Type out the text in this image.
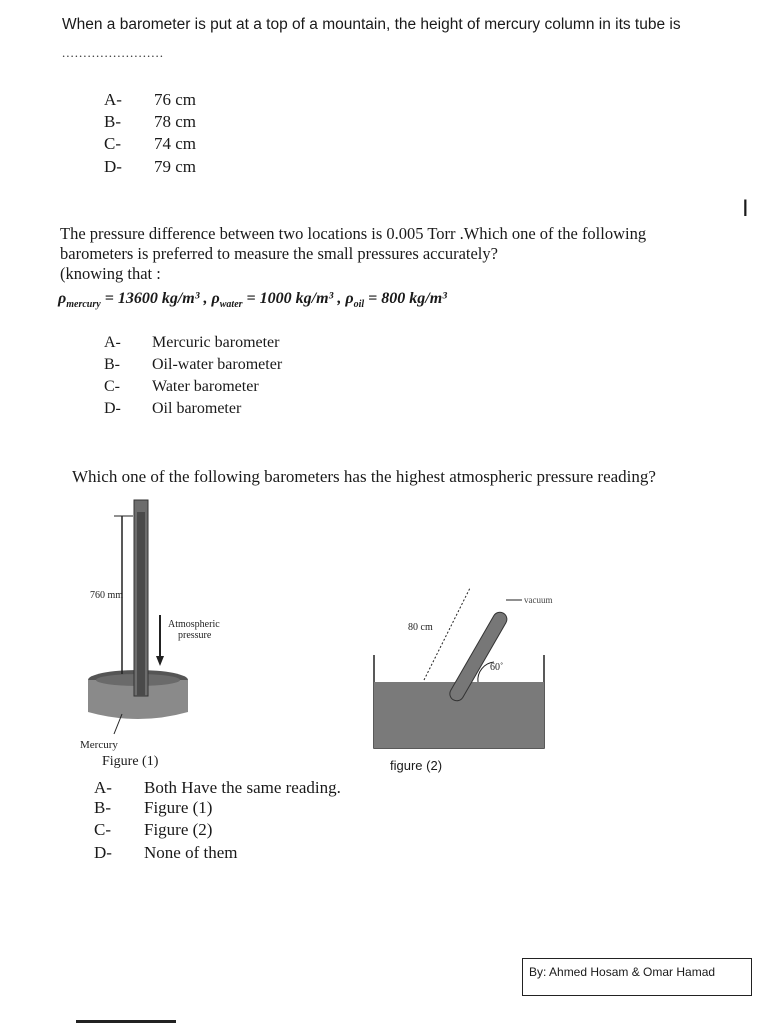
When a barometer is put at a top of a mountain, the height of mercury column in its tube is
........................
A- 76 cm
B- 78 cm
C- 74 cm
D- 79 cm
I
The pressure difference between two locations is 0.005 Torr .Which one of the following
barometers is preferred to measure the small pressures accurately?
(knowing that :
$\rho_{mercury} = 13600$ kg/m³ , $\rho_{water} = 1000$ kg/m³ , $\rho_{oil} = 800$ kg/m³
A- Mercuric barometer
B- Oil-water barometer
C- Water barometer
D- Oil barometer
Which one of the following barometers has the highest atmospheric pressure reading?
760 mm
Atmospheric
pressure
Mercury
Figure (1)
80 cm
vacuum
60˚
figure (2)
A- Both Have the same reading.
B- Figure (1)
C- Figure (2)
D- None of them
By: Ahmed Hosam & Omar Hamad
